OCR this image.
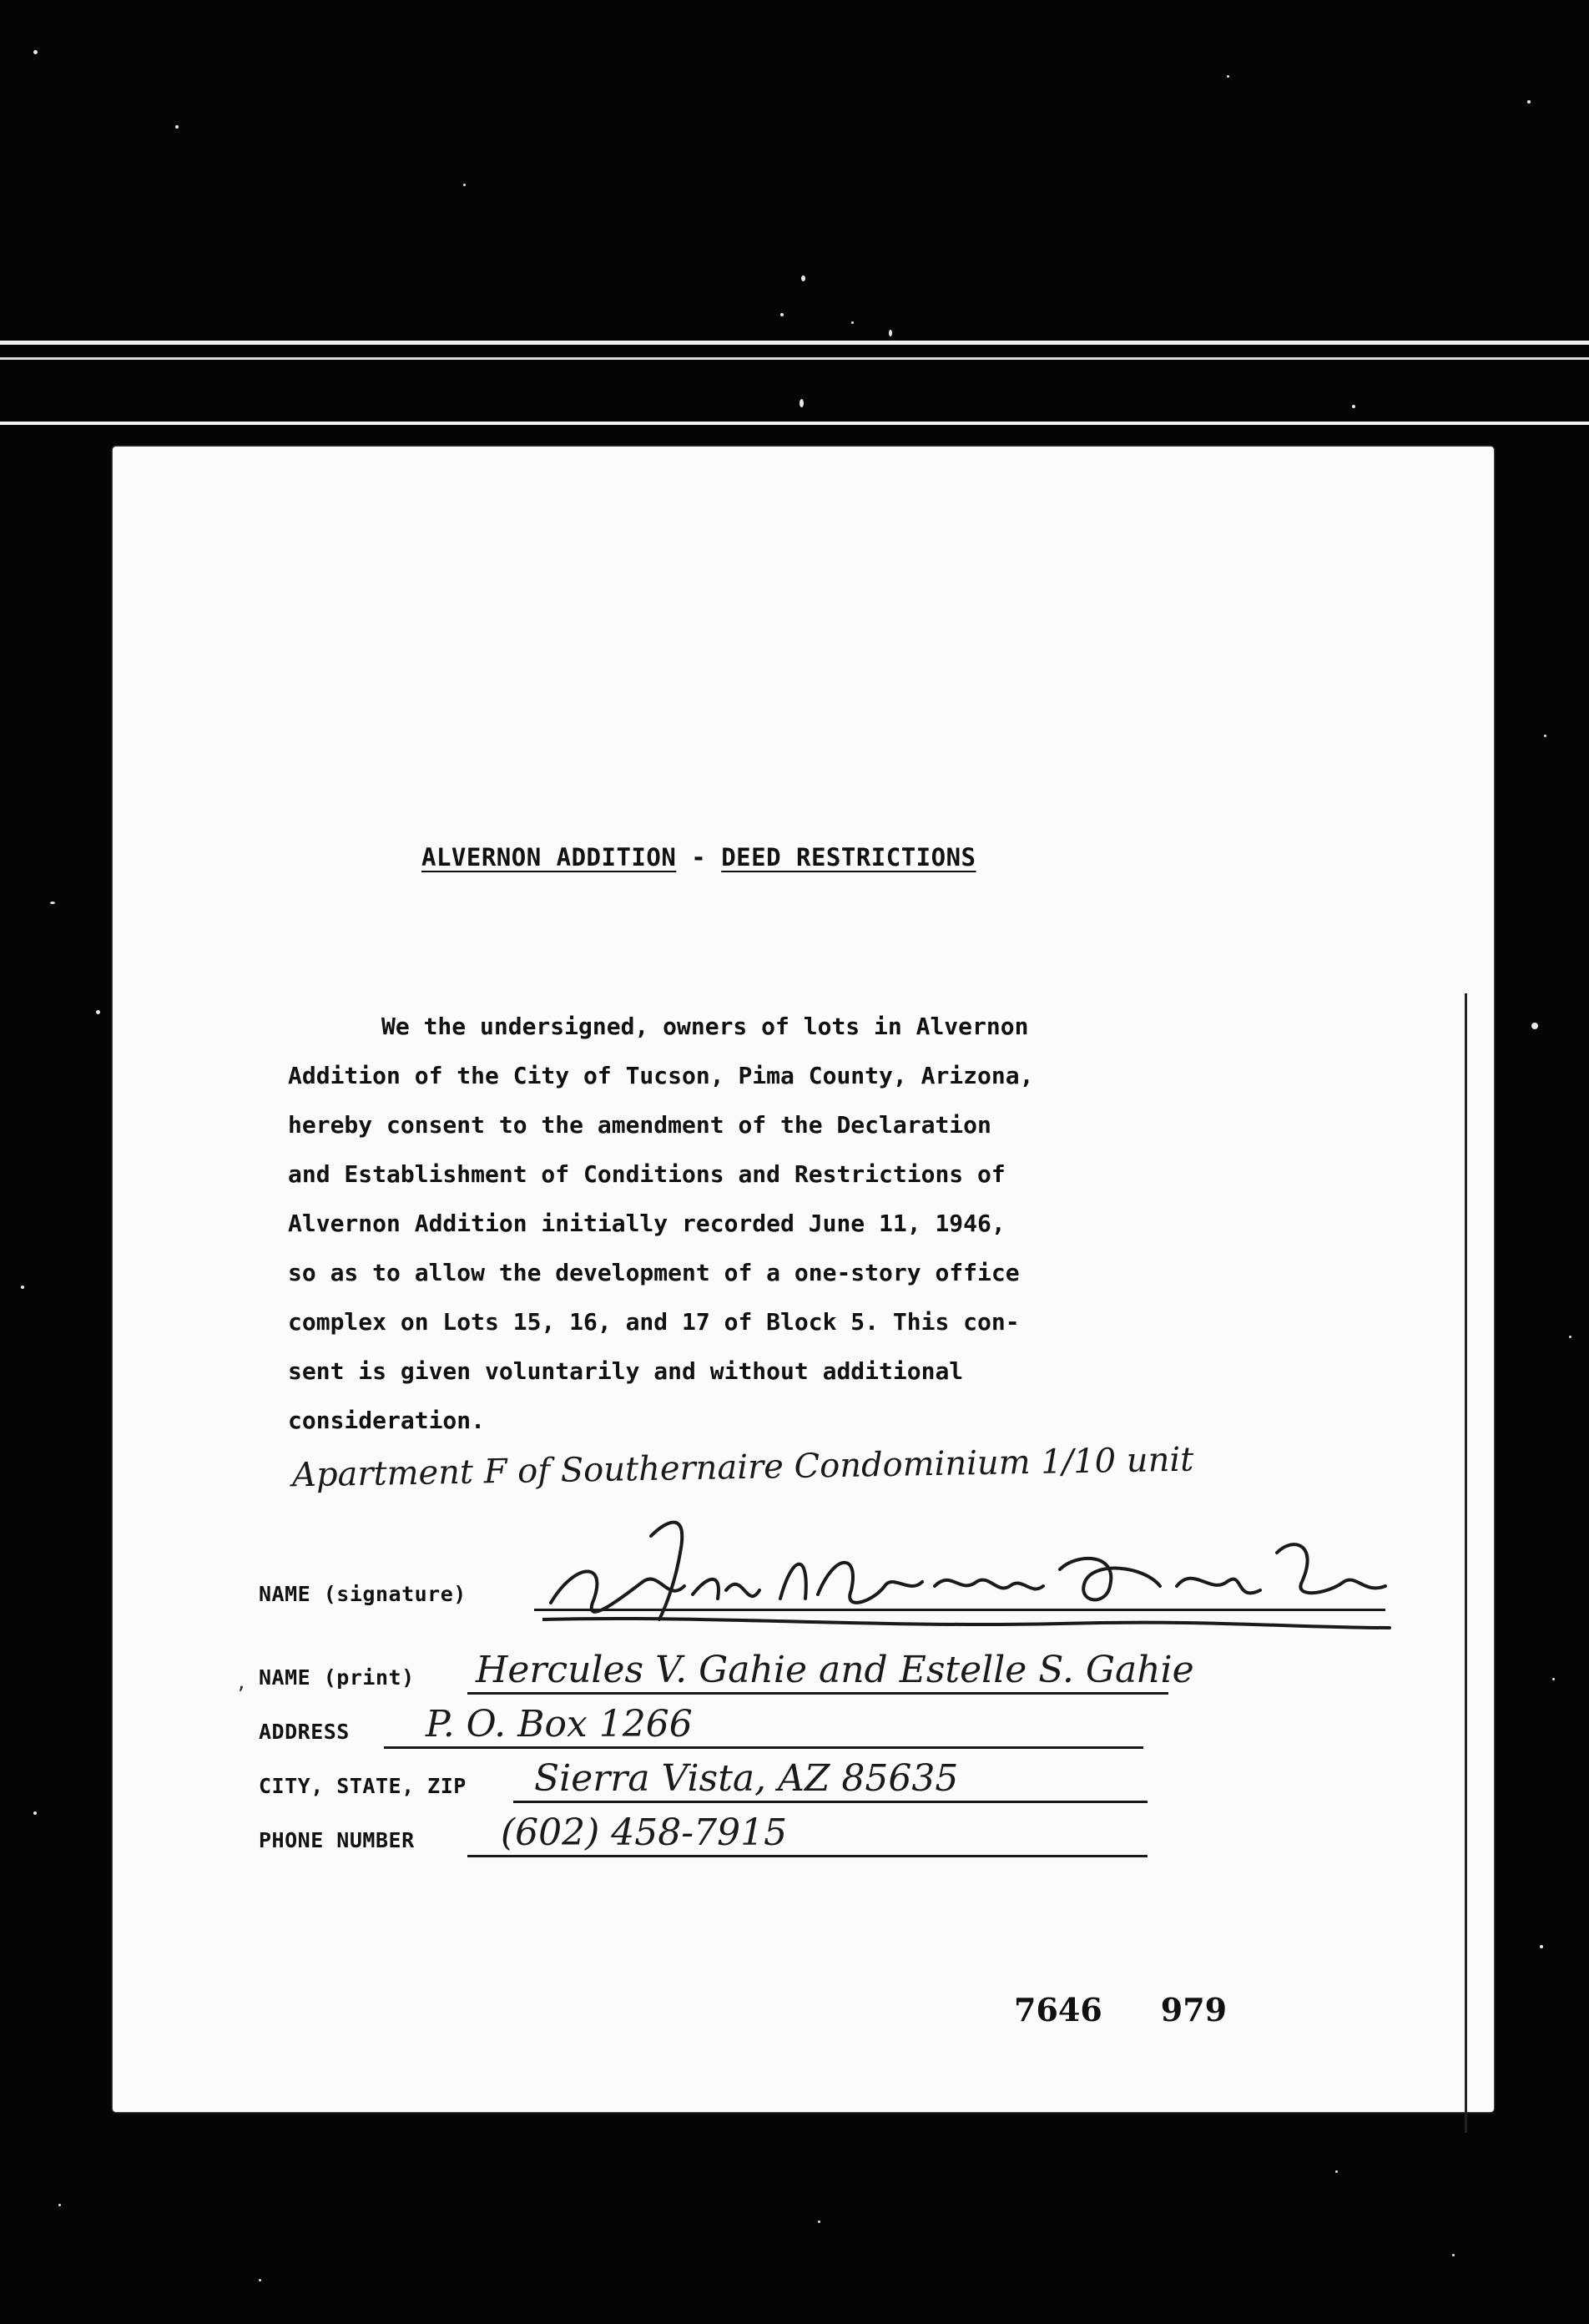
‚
,
ALVERNON ADDITION - DEED RESTRICTIONS
We the undersigned, owners of lots in Alvernon
Addition of the City of Tucson, Pima County, Arizona,
hereby consent to the amendment of the Declaration
and Establishment of Conditions and Restrictions of
Alvernon Addition initially recorded June 11, 1946,
so as to allow the development of a one-story office
complex on Lots 15, 16, and 17 of Block 5. This con-
sent is given voluntarily and without additional
consideration.
Apartment F of Southernaire Condominium 1/10 unit
NAME (signature)
NAME (print) Hercules V. Gahie and Estelle S. Gahie
ADDRESS P. O. Box 1266
CITY, STATE, ZIP Sierra Vista, AZ 85635
PHONE NUMBER (602) 458-7915
7646 979
